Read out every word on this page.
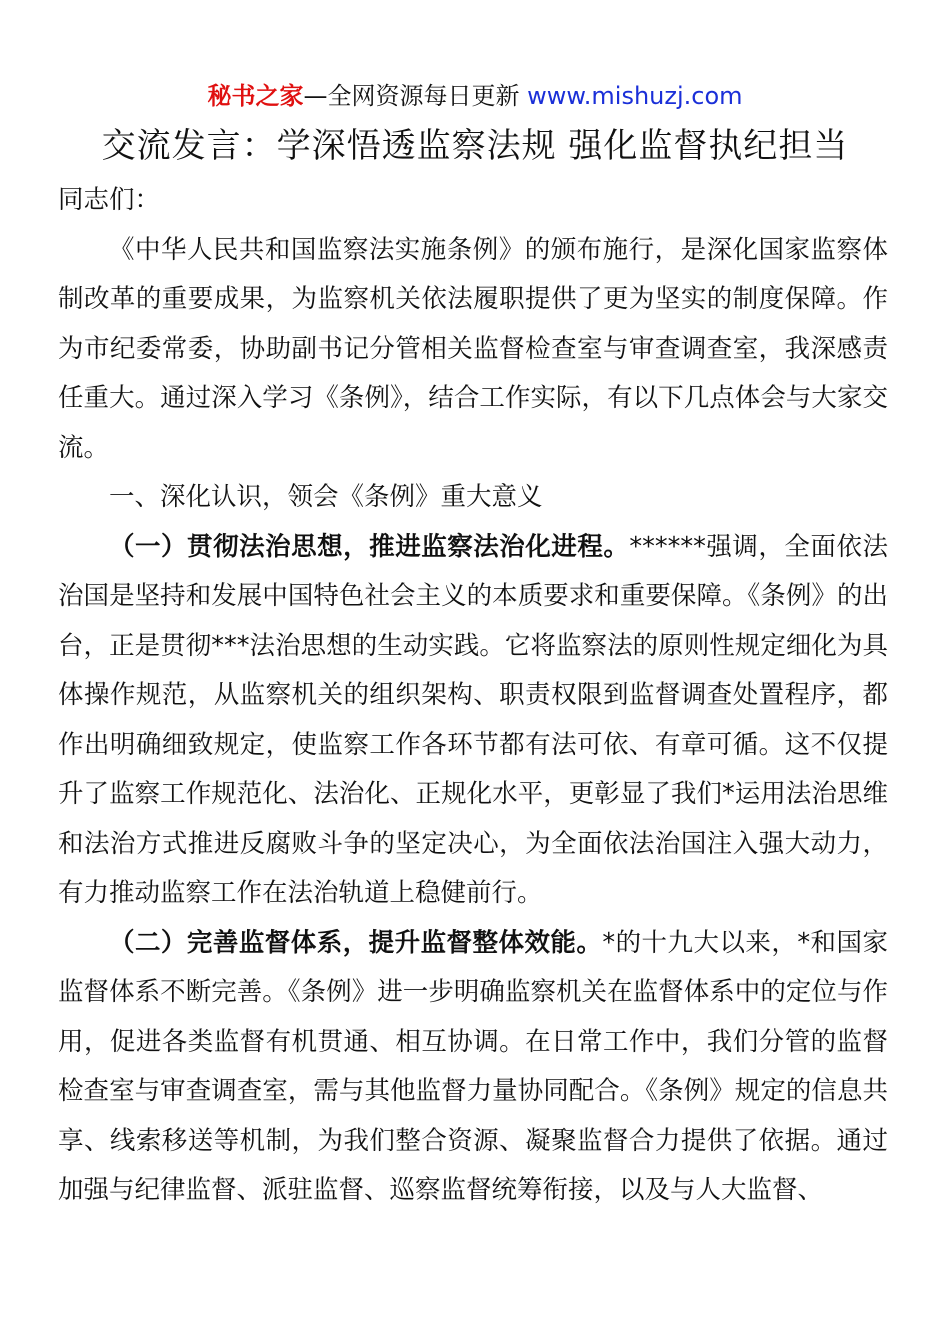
秘书之家—全网资源每日更新 www.mishuzj.com
交流发言：学深悟透监察法规 强化监督执纪担当

同志们：

《中华人民共和国监察法实施条例》的颁布施行，是深化国家监察体制改革的重要成果，为监察机关依法履职提供了更为坚实的制度保障。作为市纪委常委，协助副书记分管相关监督检查室与审查调查室，我深感责任重大。通过深入学习《条例》，结合工作实际，有以下几点体会与大家交流。

一、深化认识，领会《条例》重大意义

（一）贯彻法治思想，推进监察法治化进程。******强调，全面依法治国是坚持和发展中国特色社会主义的本质要求和重要保障。《条例》的出台，正是贯彻***法治思想的生动实践。它将监察法的原则性规定细化为具体操作规范，从监察机关的组织架构、职责权限到监督调查处置程序，都作出明确细致规定，使监察工作各环节都有法可依、有章可循。这不仅提升了监察工作规范化、法治化、正规化水平，更彰显了我们*运用法治思维和法治方式推进反腐败斗争的坚定决心，为全面依法治国注入强大动力，有力推动监察工作在法治轨道上稳健前行。

（二）完善监督体系，提升监督整体效能。*的十九大以来，*和国家监督体系不断完善。《条例》进一步明确监察机关在监督体系中的定位与作用，促进各类监督有机贯通、相互协调。在日常工作中，我们分管的监督检查室与审查调查室，需与其他监督力量协同配合。《条例》规定的信息共享、线索移送等机制，为我们整合资源、凝聚监督合力提供了依据。通过加强与纪律监督、派驻监督、巡察监督统筹衔接，以及与人大监督、
